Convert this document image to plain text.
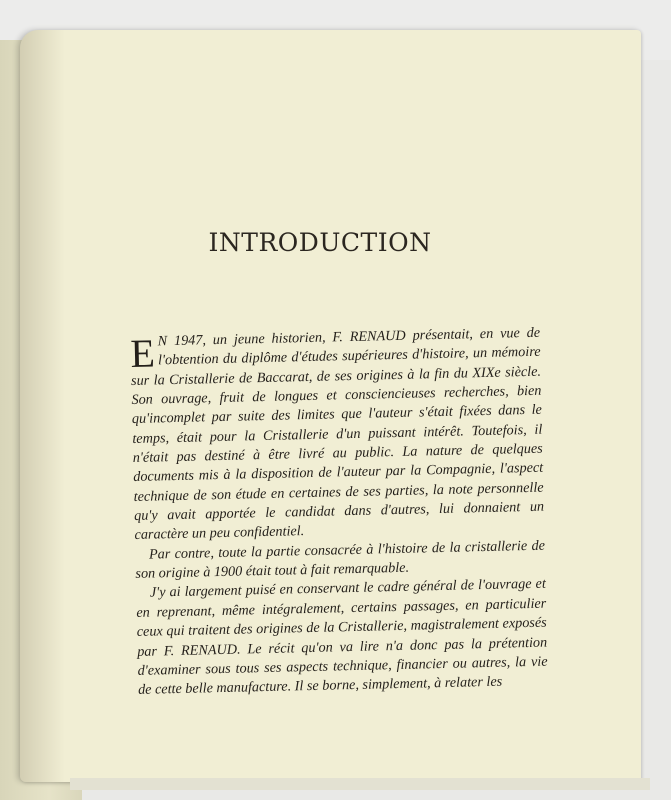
INTRODUCTION

E N 1947, un jeune historien, F. RENAUD présentait, en vue de l'obtention du diplôme d'études supérieures d'histoire, un mémoire sur la Cristallerie de Baccarat, de ses origines à la fin du XIXe siècle. Son ouvrage, fruit de longues et consciencieuses recherches, bien qu'incomplet par suite des limites que l'auteur s'était fixées dans le temps, était pour la Cristallerie d'un puissant intérêt. Toutefois, il n'était pas destiné à être livré au public. La nature de quelques documents mis à la disposition de l'auteur par la Compagnie, l'aspect technique de son étude en certaines de ses parties, la note personnelle qu'y avait apportée le candidat dans d'autres, lui donnaient un caractère un peu confidentiel.

Par contre, toute la partie consacrée à l'histoire de la cristallerie de son origine à 1900 était tout à fait remarquable.

J'y ai largement puisé en conservant le cadre général de l'ouvrage et en reprenant, même intégralement, certains passages, en particulier ceux qui traitent des origines de la Cristallerie, magistralement exposés par F. RENAUD. Le récit qu'on va lire n'a donc pas la prétention d'examiner sous tous ses aspects technique, financier ou autres, la vie de cette belle manufacture. Il se borne, simplement, à relater les
